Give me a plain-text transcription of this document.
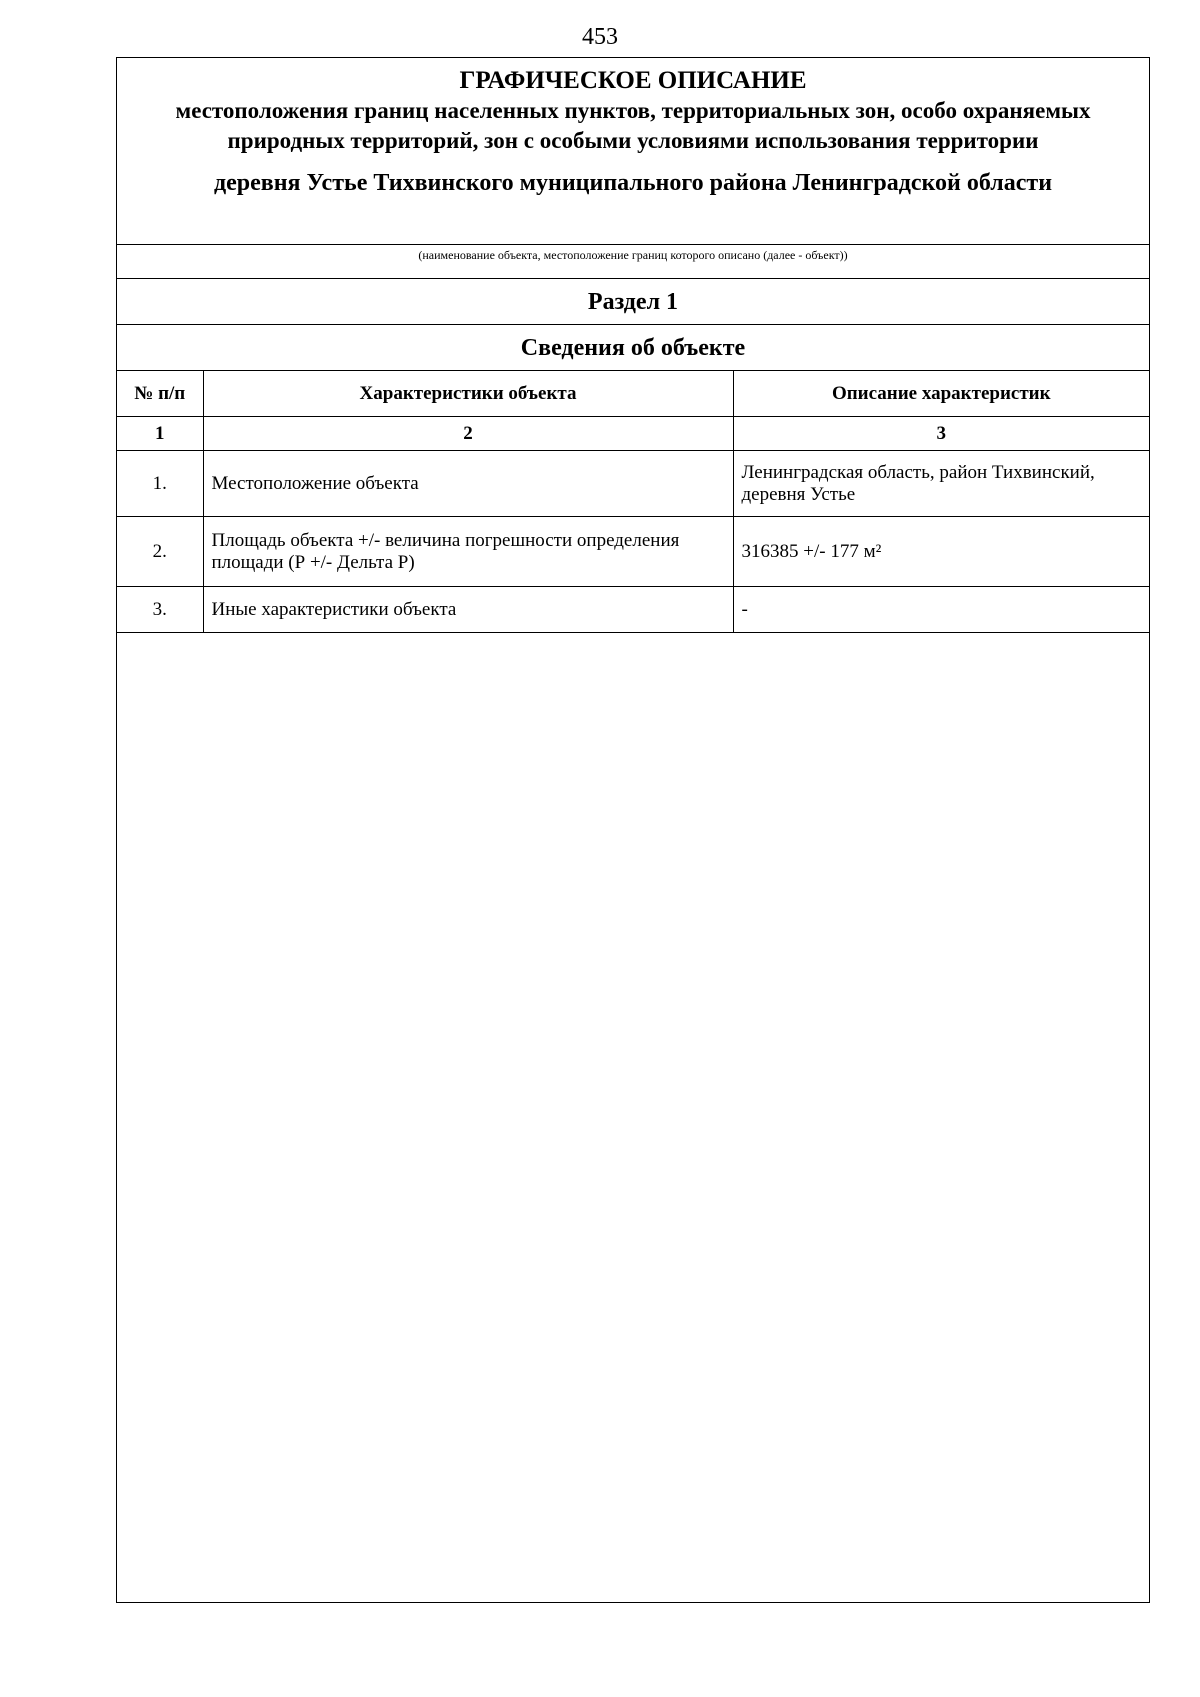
453
ГРАФИЧЕСКОЕ ОПИСАНИЕ
местоположения границ населенных пунктов, территориальных зон, особо охраняемых природных территорий, зон с особыми условиями использования территории
деревня Устье Тихвинского муниципального района Ленинградской области
(наименование объекта, местоположение границ которого описано (далее - объект))
Раздел 1
Сведения об объекте
№ п/п	Характеристики объекта	Описание характеристик
1	2	3
1.	Местоположение объекта	Ленинградская область, район Тихвинский, деревня Устье
2.	Площадь объекта +/- величина погрешности определения площади (Р +/- Дельта Р)	316385 +/- 177 м²
3.	Иные характеристики объекта	-
